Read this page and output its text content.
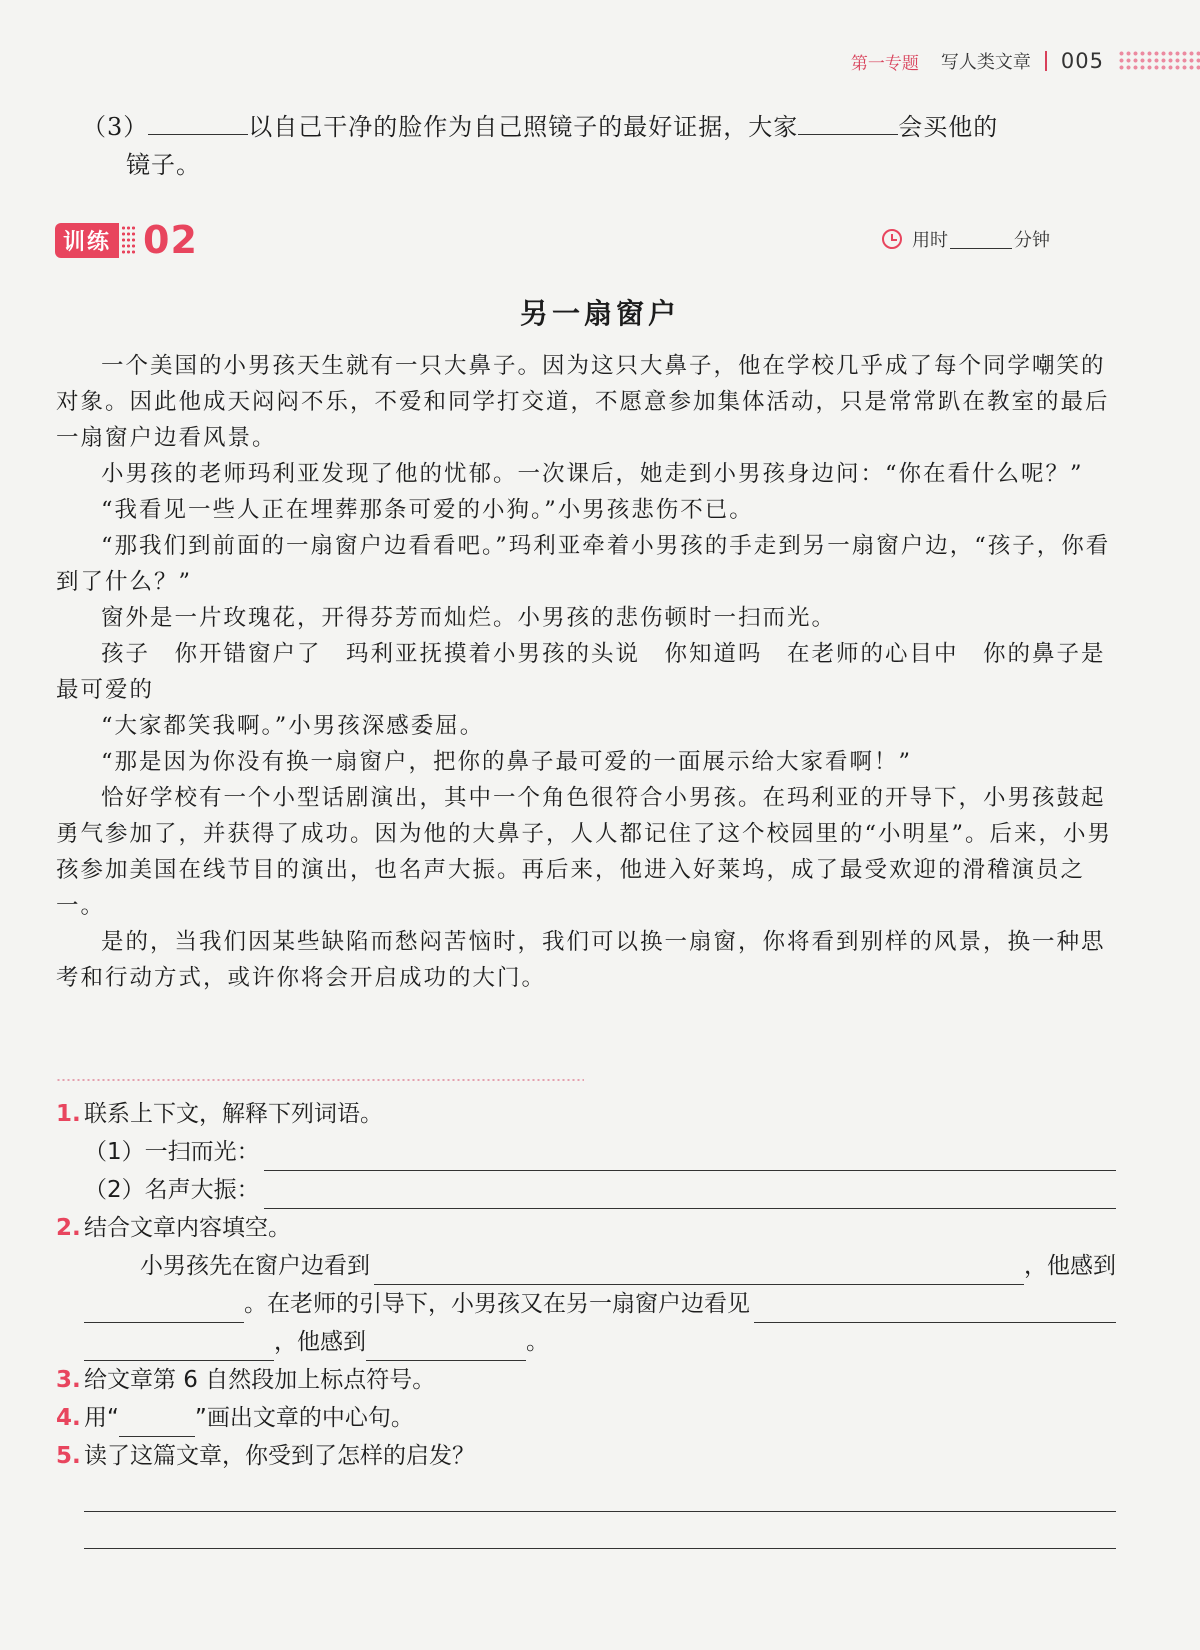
第一专题 写人类文章 005
（3）	以自己干净的脸作为自己照镜子的最好证据，大家	会买他的
镜子。
训练 02	用时	分钟
另一扇窗户

一个美国的小男孩天生就有一只大鼻子。因为这只大鼻子，他在学校几乎成了每个同学嘲笑的对象。因此他成天闷闷不乐，不爱和同学打交道，不愿意参加集体活动，只是常常趴在教室的最后一扇窗户边看风景。

小男孩的老师玛利亚发现了他的忧郁。一次课后，她走到小男孩身边问：“你在看什么呢？”

“我看见一些人正在埋葬那条可爱的小狗。”小男孩悲伤不已。

“那我们到前面的一扇窗户边看看吧。”玛利亚牵着小男孩的手走到另一扇窗户边，“孩子，你看到了什么？”

窗外是一片玫瑰花，开得芬芳而灿烂。小男孩的悲伤顿时一扫而光。

孩子　你开错窗户了　玛利亚抚摸着小男孩的头说　你知道吗　在老师的心目中　你的鼻子是最可爱的

“大家都笑我啊。”小男孩深感委屈。

“那是因为你没有换一扇窗户，把你的鼻子最可爱的一面展示给大家看啊！”

恰好学校有一个小型话剧演出，其中一个角色很符合小男孩。在玛利亚的开导下，小男孩鼓起勇气参加了，并获得了成功。因为他的大鼻子，人人都记住了这个校园里的“小明星”。后来，小男孩参加美国在线节目的演出，也名声大振。再后来，他进入好莱坞，成了最受欢迎的滑稽演员之一。

是的，当我们因某些缺陷而愁闷苦恼时，我们可以换一扇窗，你将看到别样的风景，换一种思考和行动方式，或许你将会开启成功的大门。

1. 联系上下文，解释下列词语。
（1）一扫而光：
（2）名声大振：
2. 结合文章内容填空。
小男孩先在窗户边看到	，他感到
。在老师的引导下，小男孩又在另一扇窗户边看见
，他感到	。
3. 给文章第 6 自然段加上标点符号。
4. 用“	”画出文章的中心句。
5. 读了这篇文章，你受到了怎样的启发？
